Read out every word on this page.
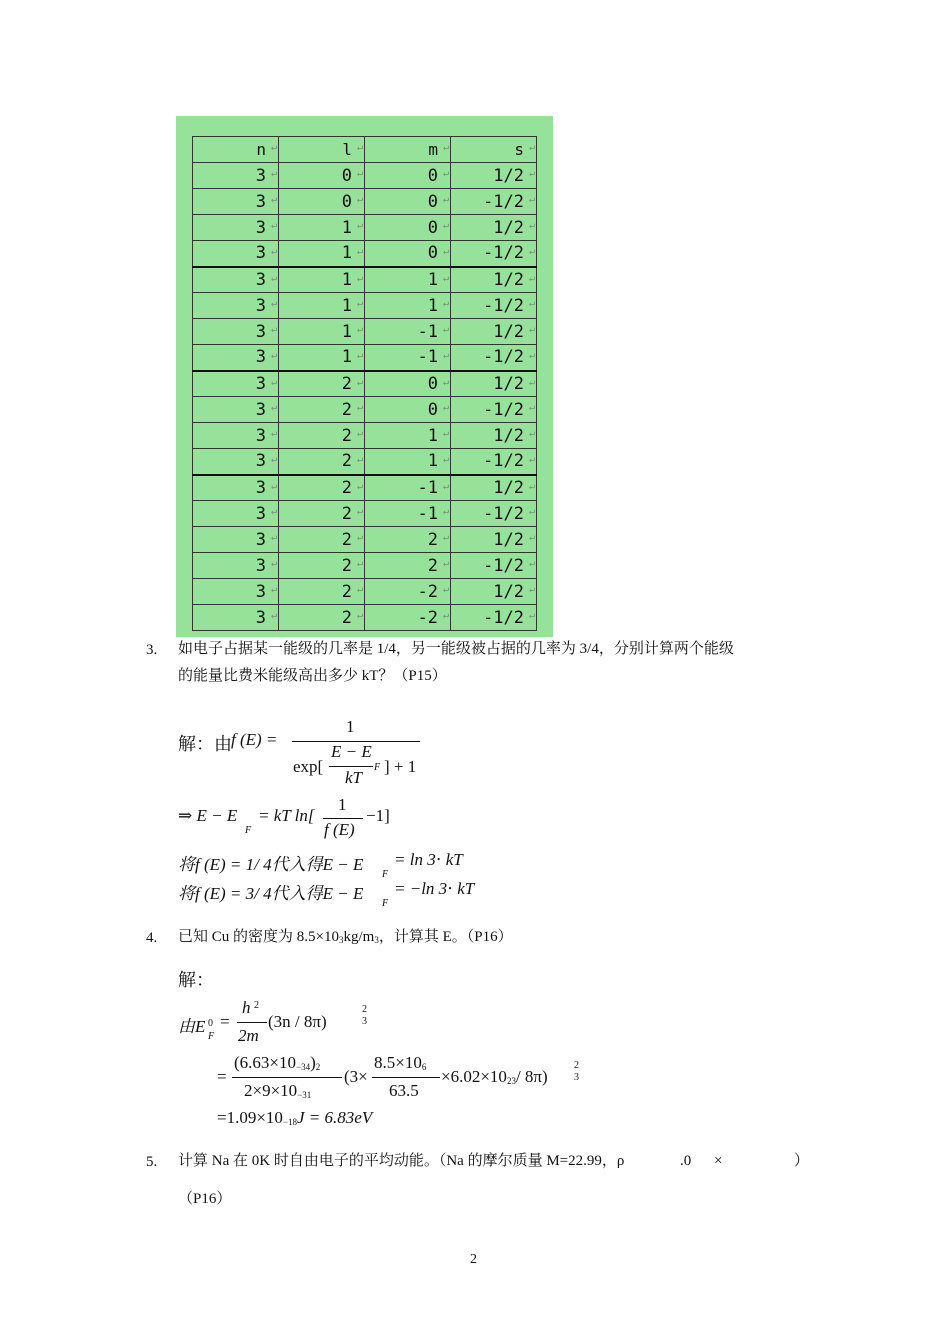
n ↵	l ↵	m ↵	s ↵

3 ↵	0 ↵	0 ↵	1/2 ↵

3 ↵	0 ↵	0 ↵	-1/2 ↵

3 ↵	1 ↵	0 ↵	1/2 ↵

3 ↵	1 ↵	0 ↵	-1/2 ↵

3 ↵	1 ↵	1 ↵	1/2 ↵

3 ↵	1 ↵	1 ↵	-1/2 ↵

3 ↵	1 ↵	-1 ↵	1/2 ↵

3 ↵	1 ↵	-1 ↵	-1/2 ↵

3 ↵	2 ↵	0 ↵	1/2 ↵

3 ↵	2 ↵	0 ↵	-1/2 ↵

3 ↵	2 ↵	1 ↵	1/2 ↵

3 ↵	2 ↵	1 ↵	-1/2 ↵

3 ↵	2 ↵	-1 ↵	1/2 ↵

3 ↵	2 ↵	-1 ↵	-1/2 ↵

3 ↵	2 ↵	2 ↵	1/2 ↵

3 ↵	2 ↵	2 ↵	-1/2 ↵

3 ↵	2 ↵	-2 ↵	1/2 ↵

3 ↵	2 ↵	-2 ↵	-1/2 ↵
3. 如电子占据某一能级的几率是 1/4，另一能级被占据的几率为 3/4，分别计算两个能级
的能量比费米能级高出多少 kT？（P15）
解：由 f (E) =
1
exp[
E − E
F
kT
] + 1
⇒ E − E
F
= kT ln[
1
f (E)
−1]
将f (E) = 1/ 4代入得E − E
F
= ln 3⋅ kT
将f (E) = 3/ 4代入得E − E
F
= −ln 3⋅ kT
4. 已知 Cu 的密度为 8.5×103kg/m3，计算其 E。（P16）
解：
由E 0
F
=
h 2
2m
(3n / 8π)
2
3
=
(6.63×10−34)2
2×9×10−31
(3×
8.5×106
63.5
×6.02×1023/ 8π)
2
3
=1.09×10−18J = 6.83eV
5. 计算 Na 在 0K 时自由电子的平均动能。（Na 的摩尔质量 M=22.99，ρ	.0 ×	）
（P16）
2
